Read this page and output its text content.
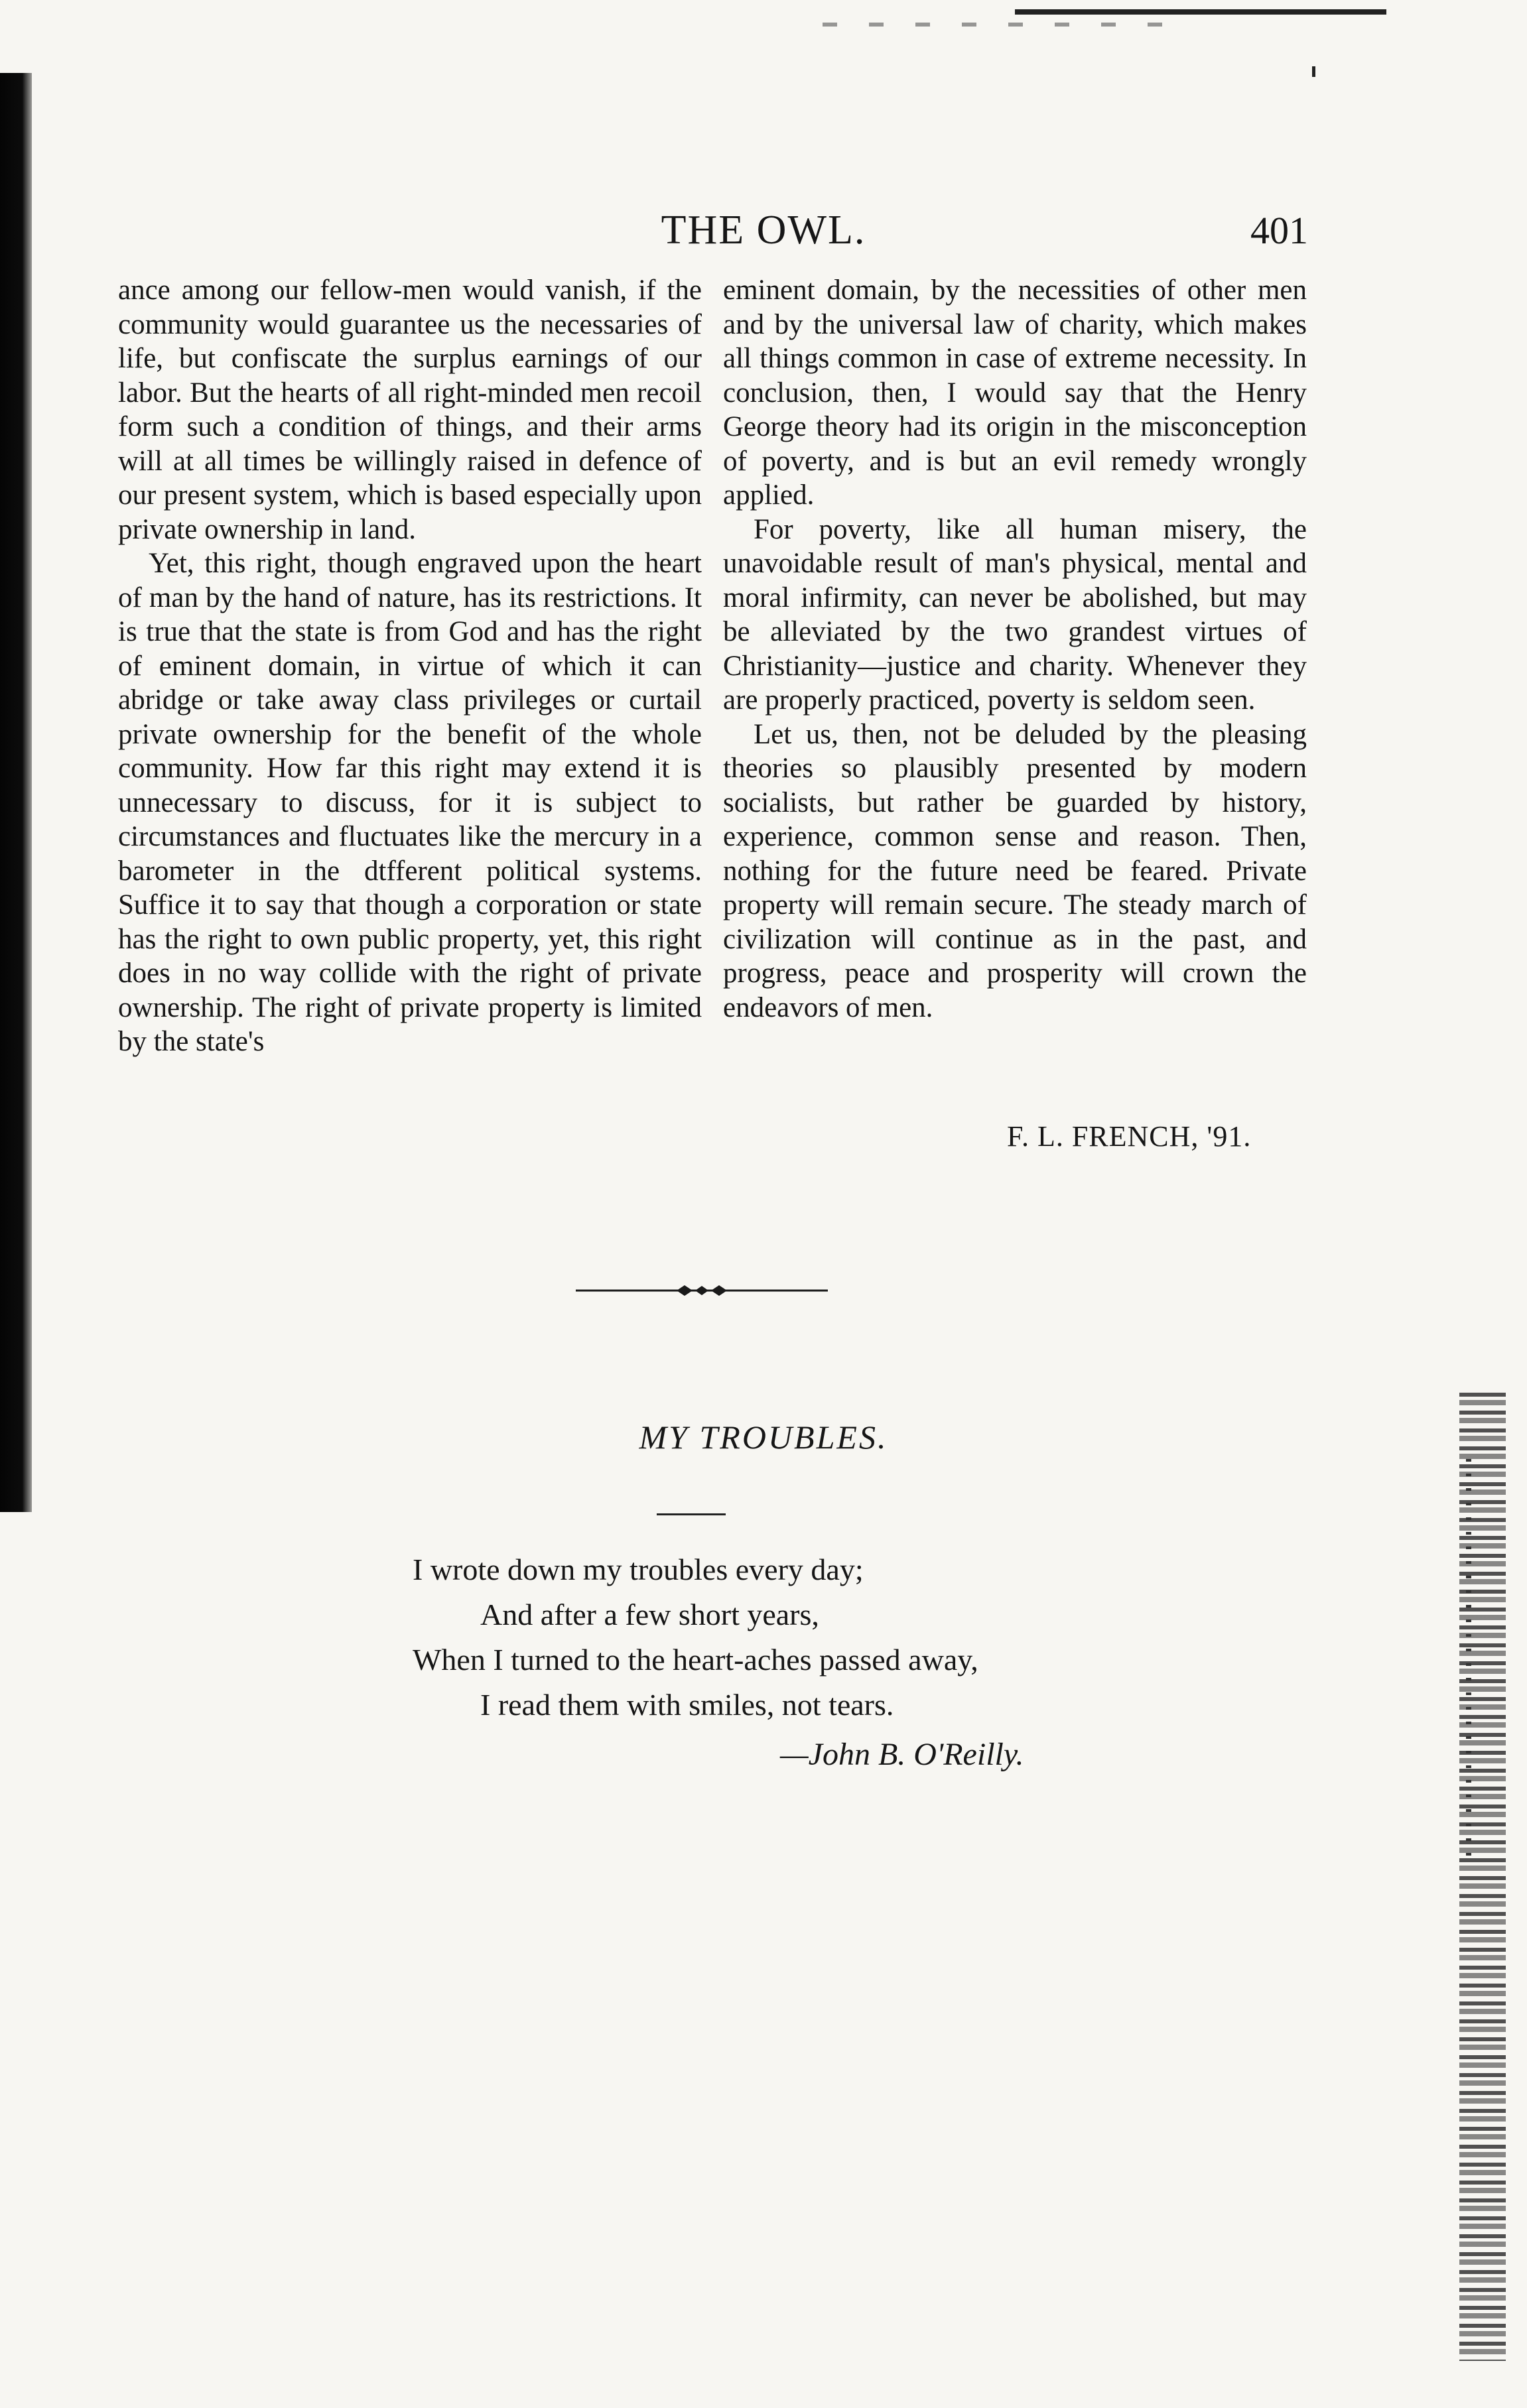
THE OWL.	401

ance among our fellow-men would vanish, if the community would guarantee us the necessaries of life, but confiscate the surplus earnings of our labor. But the hearts of all right-minded men recoil form such a condition of things, and their arms will at all times be willingly raised in defence of our present system, which is based especially upon private ownership in land.

Yet, this right, though engraved upon the heart of man by the hand of nature, has its restrictions. It is true that the state is from God and has the right of eminent domain, in virtue of which it can abridge or take away class privileges or curtail private ownership for the benefit of the whole community. How far this right may extend it is unnecessary to discuss, for it is subject to circumstances and fluctuates like the mercury in a barometer in the dtfferent political systems. Suffice it to say that though a corporation or state has the right to own public property, yet, this right does in no way collide with the right of private ownership. The right of private property is limited by the state's

eminent domain, by the necessities of other men and by the universal law of charity, which makes all things common in case of extreme necessity. In conclusion, then, I would say that the Henry George theory had its origin in the misconception of poverty, and is but an evil remedy wrongly applied.

For poverty, like all human misery, the unavoidable result of man's physical, mental and moral infirmity, can never be abolished, but may be alleviated by the two grandest virtues of Christianity—justice and charity. Whenever they are properly practiced, poverty is seldom seen.

Let us, then, not be deluded by the pleasing theories so plausibly presented by modern socialists, but rather be guarded by history, experience, common sense and reason. Then, nothing for the future need be feared. Private property will remain secure. The steady march of civilization will continue as in the past, and progress, peace and prosperity will crown the endeavors of men.

F. L. FRENCH, '91.
MY TROUBLES.
I wrote down my troubles every day;
And after a few short years,
When I turned to the heart-aches passed away,
I read them with smiles, not tears.
—John B. O'Reilly.
